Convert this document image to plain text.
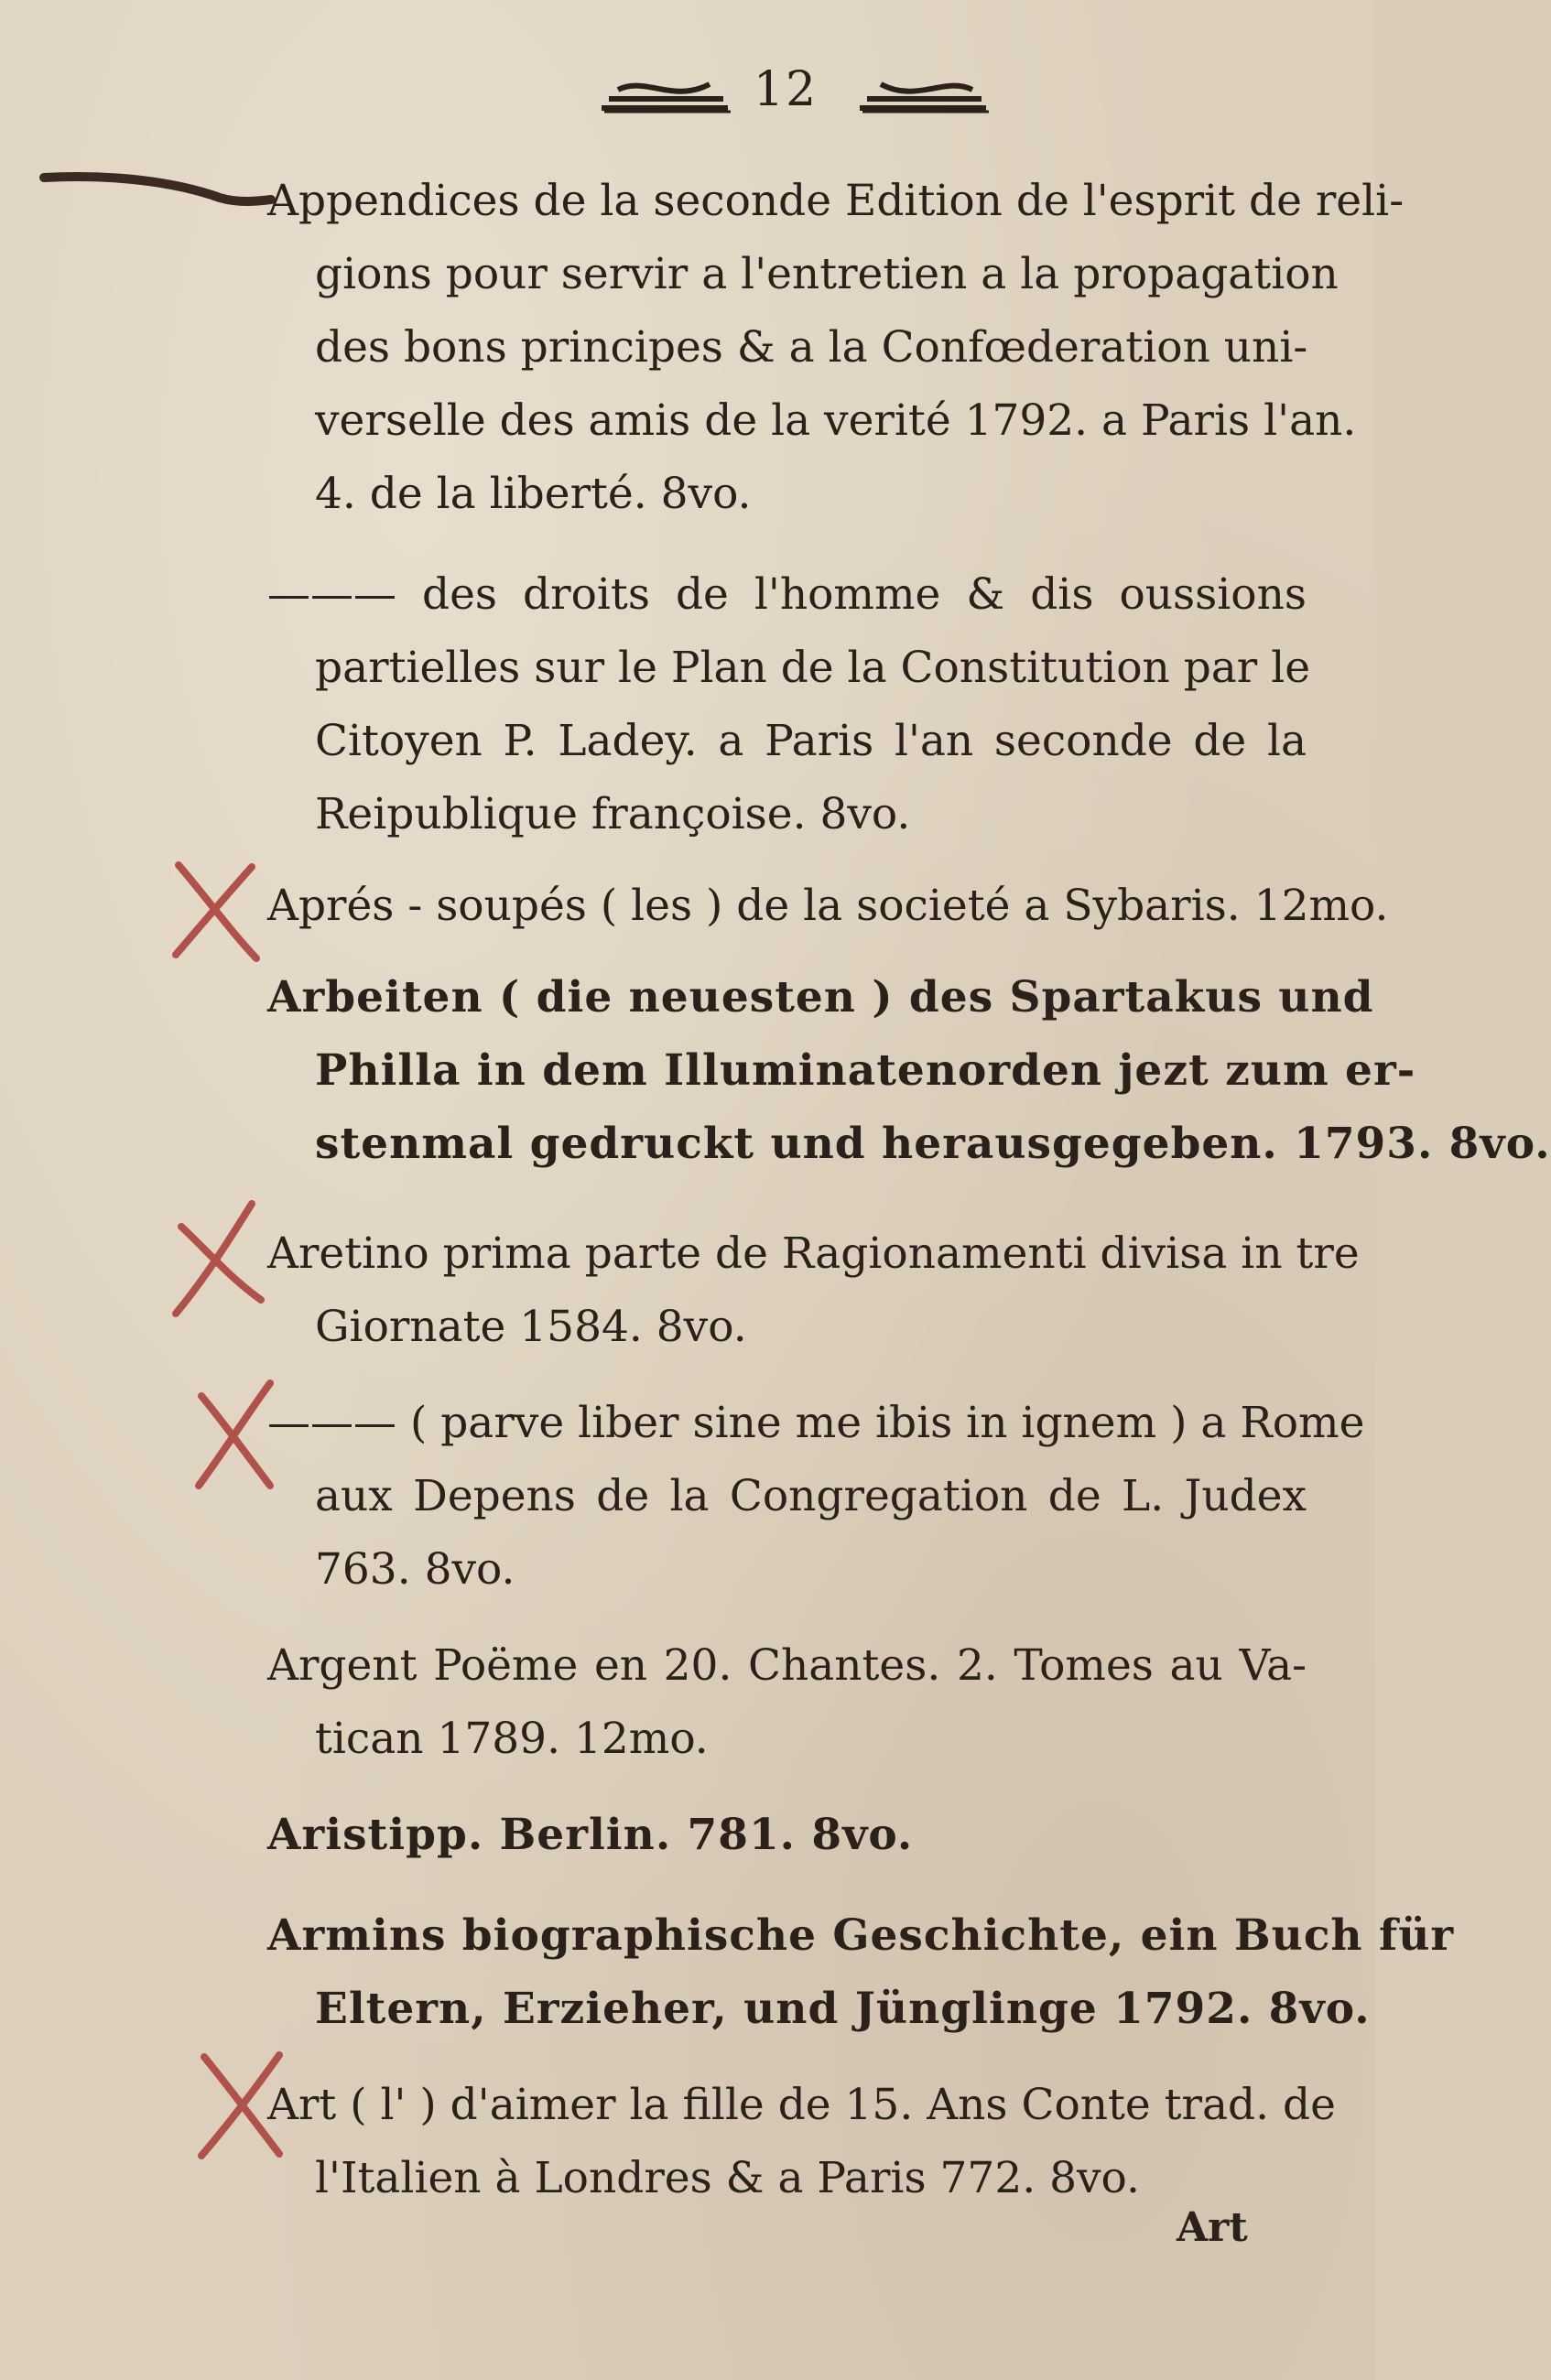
12
Appendices de la seconde Edition de l'esprit de reli-
gions pour servir a l'entretien a la propagation
des bons principes & a la Confœderation uni-
verselle des amis de la verité 1792. a Paris l'an.
4. de la liberté. 8vo.
——— des droits de l'homme & dis oussions
partielles sur le Plan de la Constitution par le
Citoyen P. Ladey. a Paris l'an seconde de la
Reipublique françoise. 8vo.
Aprés - soupés ( les ) de la societé a Sybaris. 12mo.
Arbeiten ( die neuesten ) des Spartakus und
Philla in dem Illuminatenorden jezt zum er-
stenmal gedruckt und herausgegeben. 1793. 8vo.
Aretino prima parte de Ragionamenti divisa in tre
Giornate 1584. 8vo.
——— ( parve liber sine me ibis in ignem ) a Rome
aux Depens de la Congregation de L. Judex
763. 8vo.
Argent Poëme en 20. Chantes. 2. Tomes au Va-
tican 1789. 12mo.
Aristipp. Berlin. 781. 8vo.
Armins biographische Geschichte, ein Buch für
Eltern, Erzieher, und Jünglinge 1792. 8vo.
Art ( l' ) d'aimer la fille de 15. Ans Conte trad. de
l'Italien à Londres & a Paris 772. 8vo.
Art
